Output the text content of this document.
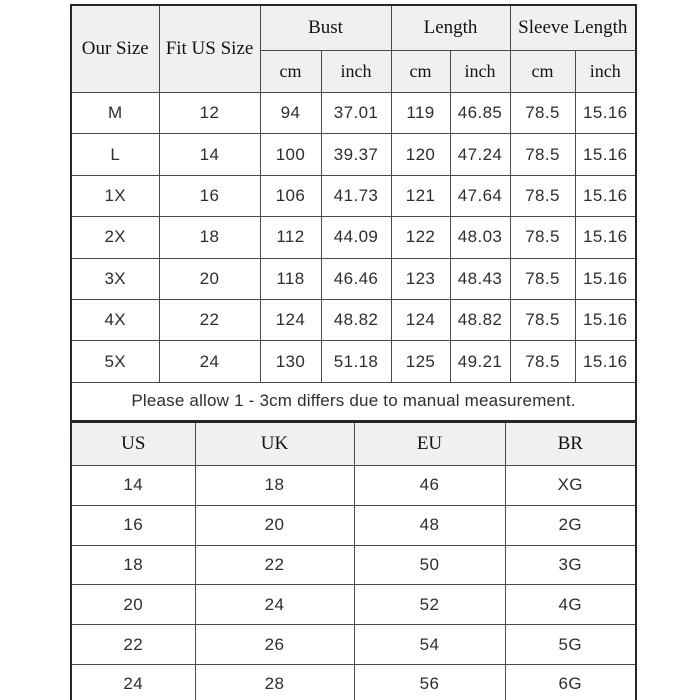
Our Size	Fit US Size	Bust		Length		Sleeve Length	
		cm	inch	cm	inch	cm	inch
M	12	94	37.01	119	46.85	78.5	15.16
L	14	100	39.37	120	47.24	78.5	15.16
1X	16	106	41.73	121	47.64	78.5	15.16
2X	18	112	44.09	122	48.03	78.5	15.16
3X	20	118	46.46	123	48.43	78.5	15.16
4X	22	124	48.82	124	48.82	78.5	15.16
5X	24	130	51.18	125	49.21	78.5	15.16
Please allow 1 - 3cm differs due to manual measurement.							
US	UK	EU	BR
14	18	46	XG
16	20	48	2G
18	22	50	3G
20	24	52	4G
22	26	54	5G
24	28	56	6G
